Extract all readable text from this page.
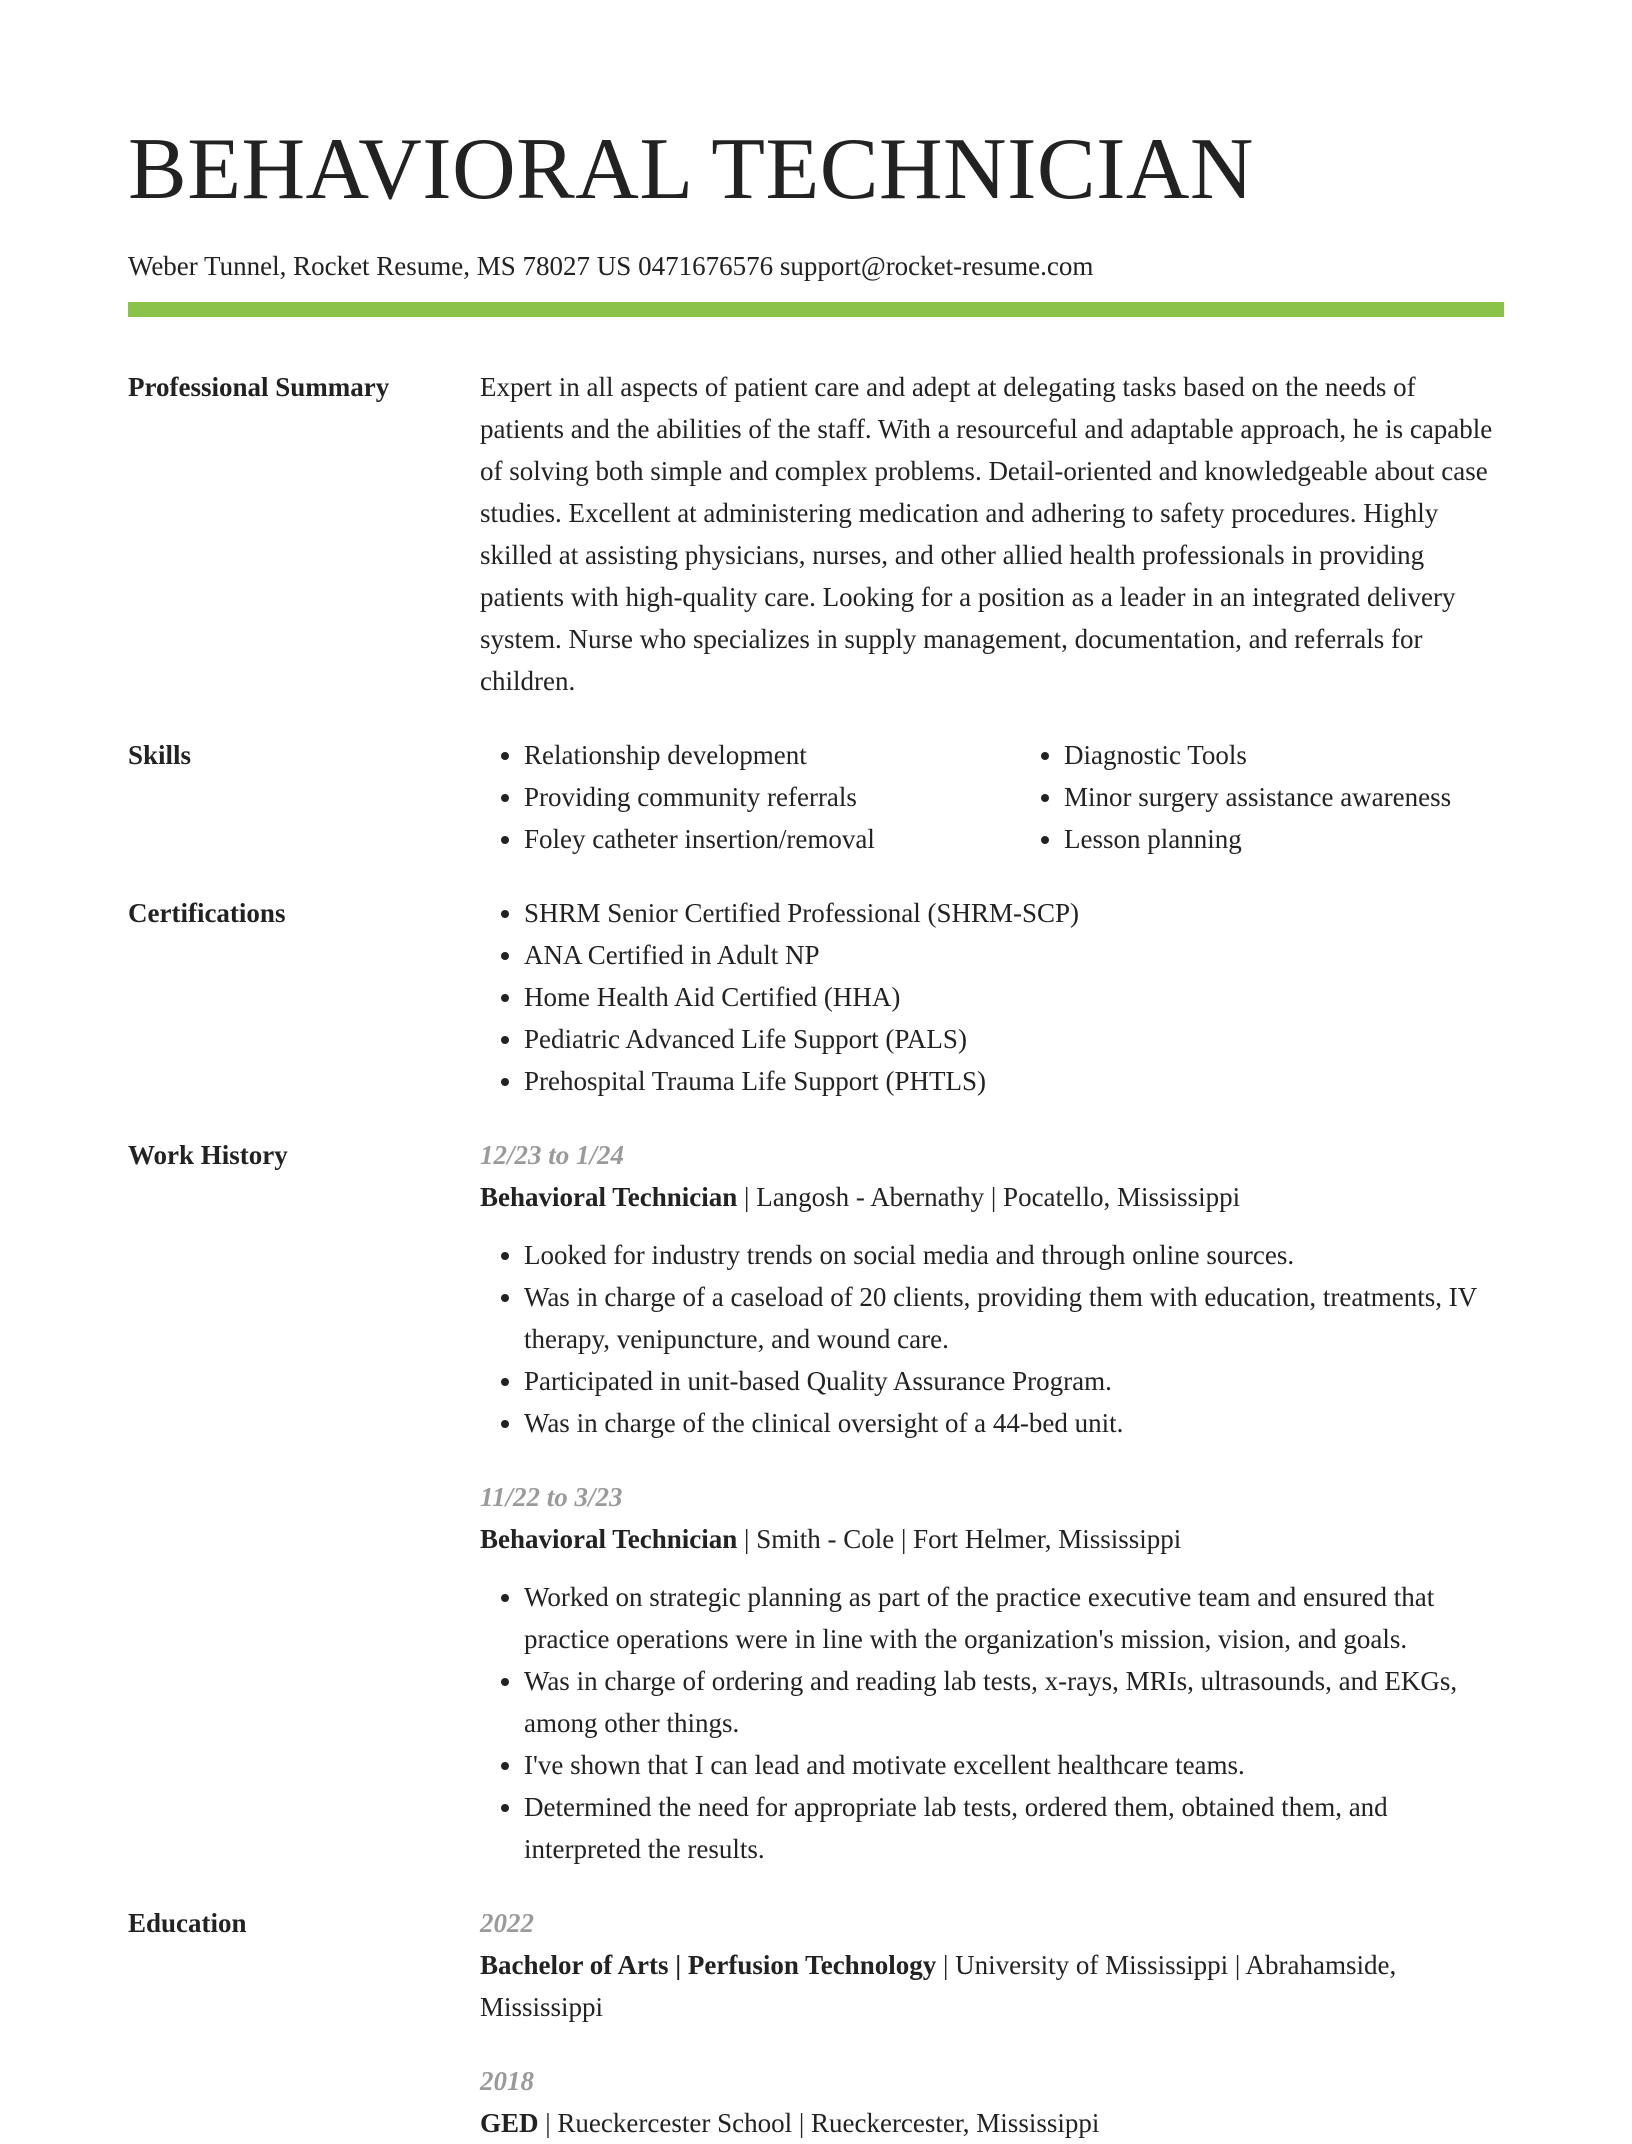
BEHAVIORAL TECHNICIAN
Weber Tunnel, Rocket Resume, MS 78027 US 0471676576 support@rocket-resume.com
Professional Summary	Expert in all aspects of patient care and adept at delegating tasks based on the needs of patients and the abilities of the staff. With a resourceful and adaptable approach, he is capable of solving both simple and complex problems. Detail-oriented and knowledgeable about case studies. Excellent at administering medication and adhering to safety procedures. Highly skilled at assisting physicians, nurses, and other allied health professionals in providing patients with high-quality care. Looking for a position as a leader in an integrated delivery system. Nurse who specializes in supply management, documentation, and referrals for children.
Skills	• Relationship development
• Providing community referrals
• Foley catheter insertion/removal
• Diagnostic Tools
• Minor surgery assistance awareness
• Lesson planning
Certifications	• SHRM Senior Certified Professional (SHRM-SCP)
• ANA Certified in Adult NP
• Home Health Aid Certified (HHA)
• Pediatric Advanced Life Support (PALS)
• Prehospital Trauma Life Support (PHTLS)
Work History	12/23 to 1/24
Behavioral Technician | Langosh - Abernathy | Pocatello, Mississippi
• Looked for industry trends on social media and through online sources.
• Was in charge of a caseload of 20 clients, providing them with education, treatments, IV therapy, venipuncture, and wound care.
• Participated in unit-based Quality Assurance Program.
• Was in charge of the clinical oversight of a 44-bed unit.
11/22 to 3/23
Behavioral Technician | Smith - Cole | Fort Helmer, Mississippi
• Worked on strategic planning as part of the practice executive team and ensured that practice operations were in line with the organization's mission, vision, and goals.
• Was in charge of ordering and reading lab tests, x-rays, MRIs, ultrasounds, and EKGs, among other things.
• I've shown that I can lead and motivate excellent healthcare teams.
• Determined the need for appropriate lab tests, ordered them, obtained them, and interpreted the results.
Education	2022
Bachelor of Arts | Perfusion Technology | University of Mississippi | Abrahamside, Mississippi
2018
GED | Rueckercester School | Rueckercester, Mississippi
